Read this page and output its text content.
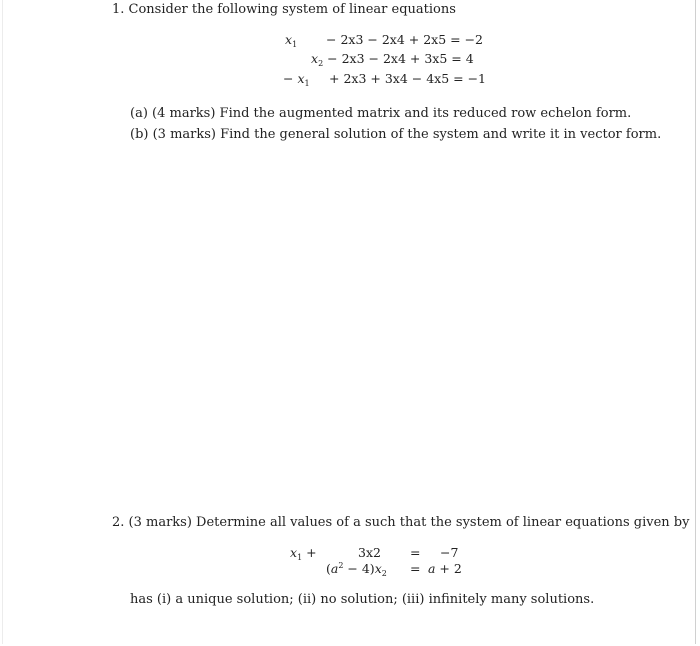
1. Consider the following system of linear equations
$x_1 - 2x3 - 2x4 + 2x5 = -2$
$x_2 - 2x3 - 2x4 + 3x5 = 4$
− $x_1 + 2x3 + 3x4 - 4x5 = -1$
(a) (4 marks) Find the augmented matrix and its reduced row echelon form.
(b) (3 marks) Find the general solution of the system and write it in vector form.
2. (3 marks) Determine all values of a such that the system of linear equations given by
$x_1$ +	3x2 = −7
$(a^2 - 4)x_2 = a + 2$
has (i) a unique solution; (ii) no solution; (iii) infinitely many solutions.
